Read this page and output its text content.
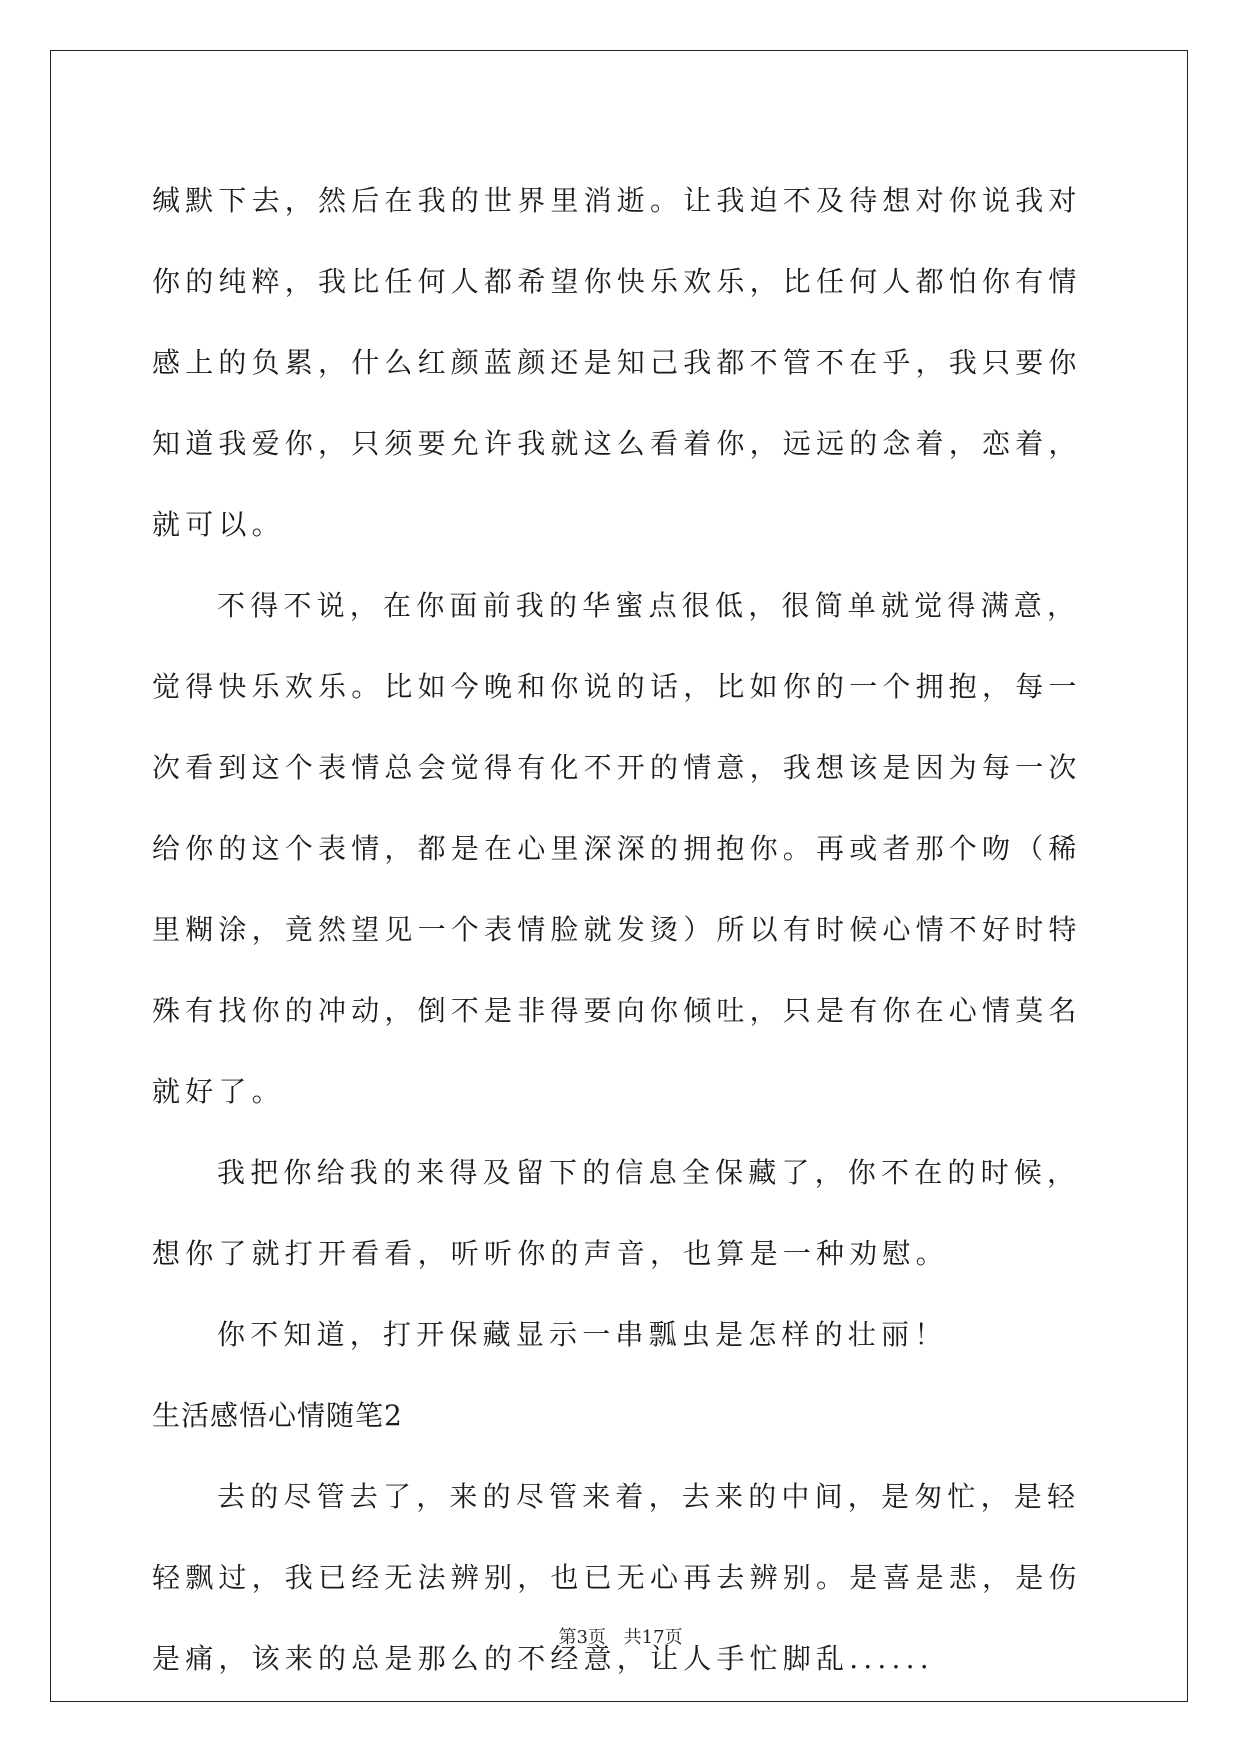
缄默下去，然后在我的世界里消逝。让我迫不及待想对你说我对你的纯粹，我比任何人都希望你快乐欢乐，比任何人都怕你有情感上的负累，什么红颜蓝颜还是知己我都不管不在乎，我只要你知道我爱你，只须要允许我就这么看着你，远远的念着，恋着，就可以。

不得不说，在你面前我的华蜜点很低，很简单就觉得满意，觉得快乐欢乐。比如今晚和你说的话，比如你的一个拥抱，每一次看到这个表情总会觉得有化不开的情意，我想该是因为每一次给你的这个表情，都是在心里深深的拥抱你。再或者那个吻（稀里糊涂，竟然望见一个表情脸就发烫）所以有时候心情不好时特殊有找你的冲动，倒不是非得要向你倾吐，只是有你在心情莫名就好了。

我把你给我的来得及留下的信息全保藏了，你不在的时候，想你了就打开看看，听听你的声音，也算是一种劝慰。

你不知道，打开保藏显示一串瓢虫是怎样的壮丽！

生活感悟心情随笔2

去的尽管去了，来的尽管来着，去来的中间，是匆忙，是轻轻飘过，我已经无法辨别，也已无心再去辨别。是喜是悲，是伤是痛，该来的总是那么的不经意，让人手忙脚乱......

第3页 共17页
